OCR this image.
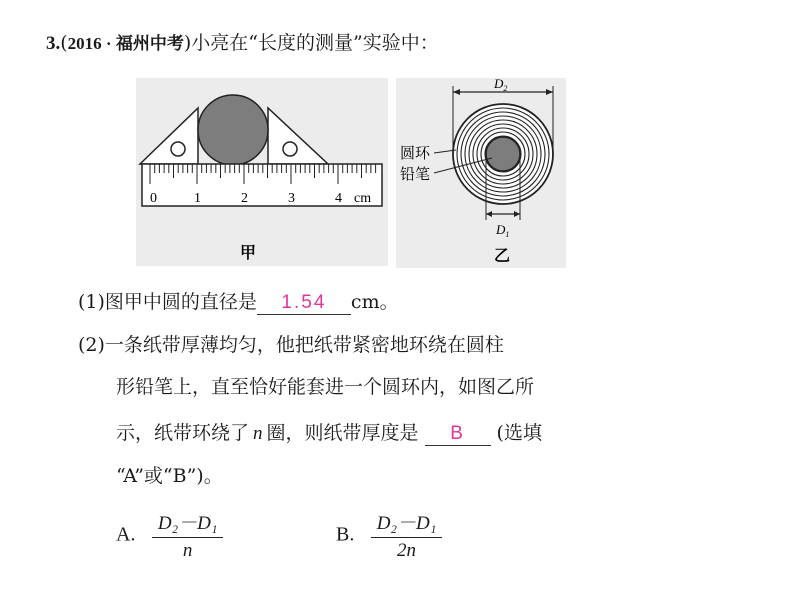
3.(2016 · 福州中考)小亮在“长度的测量”实验中：
0	1	2	3	4 cm
甲
$D_2$
$D_1$
圆环
铅笔
乙
(1)图甲中圆的直径是 1.54 cm。
(2)一条纸带厚薄均匀，他把纸带紧密地环绕在圆柱
形铅笔上，直至恰好能套进一个圆环内，如图乙所
示，纸带环绕了 n 圈，则纸带厚度是 B (选填
“A”或“B”)。
A. $\frac{\text{D₂－D₁}}{n}$	B. $\frac{\text{D₂－D₁}}{2n}$
